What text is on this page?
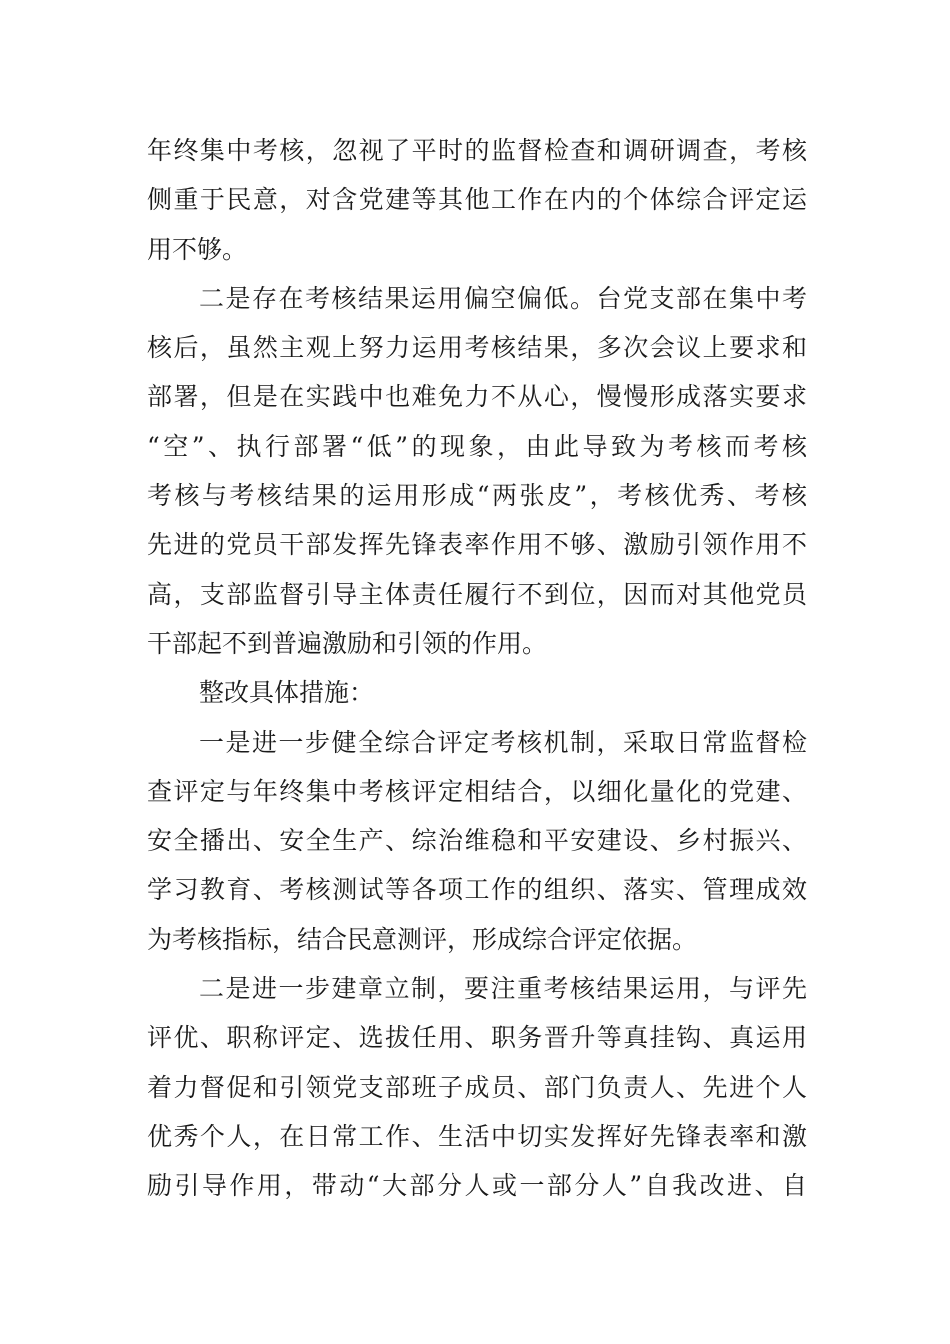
年终集中考核，忽视了平时的监督检查和调研调查，考核
侧重于民意，对含党建等其他工作在内的个体综合评定运
用不够。
二是存在考核结果运用偏空偏低。台党支部在集中考
核后，虽然主观上努力运用考核结果，多次会议上要求和
部署，但是在实践中也难免力不从心，慢慢形成落实要求
“空”、执行部署“低”的现象，由此导致为考核而考核
考核与考核结果的运用形成“两张皮”，考核优秀、考核
先进的党员干部发挥先锋表率作用不够、激励引领作用不
高，支部监督引导主体责任履行不到位，因而对其他党员
干部起不到普遍激励和引领的作用。
整改具体措施：
一是进一步健全综合评定考核机制，采取日常监督检
查评定与年终集中考核评定相结合，以细化量化的党建、
安全播出、安全生产、综治维稳和平安建设、乡村振兴、
学习教育、考核测试等各项工作的组织、落实、管理成效
为考核指标，结合民意测评，形成综合评定依据。
二是进一步建章立制，要注重考核结果运用，与评先
评优、职称评定、选拔任用、职务晋升等真挂钩、真运用
着力督促和引领党支部班子成员、部门负责人、先进个人
优秀个人，在日常工作、生活中切实发挥好先锋表率和激
励引导作用，带动“大部分人或一部分人”自我改进、自
